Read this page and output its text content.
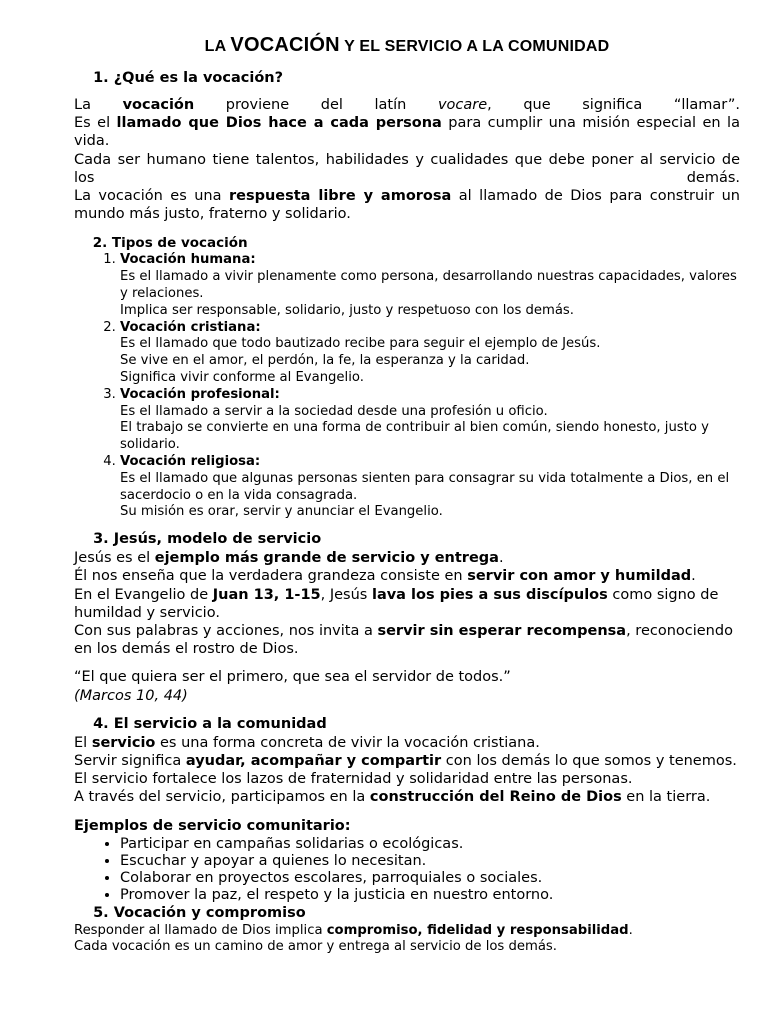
LA VOCACIÓN Y EL SERVICIO A LA COMUNIDAD
1. ¿Qué es la vocación?

La vocación proviene del latín vocare, que significa “llamar”.

Es el llamado que Dios hace a cada persona para cumplir una misión especial en la vida.

Cada ser humano tiene talentos, habilidades y cualidades que debe poner al servicio de los demás.

La vocación es una respuesta libre y amorosa al llamado de Dios para construir un mundo más justo, fraterno y solidario.

2. Tipos de vocación
1. Vocación humana:
Es el llamado a vivir plenamente como persona, desarrollando nuestras capacidades, valores y relaciones.
Implica ser responsable, solidario, justo y respetuoso con los demás.
2. Vocación cristiana:
Es el llamado que todo bautizado recibe para seguir el ejemplo de Jesús.
Se vive en el amor, el perdón, la fe, la esperanza y la caridad.
Significa vivir conforme al Evangelio.
3. Vocación profesional:
Es el llamado a servir a la sociedad desde una profesión u oficio.
El trabajo se convierte en una forma de contribuir al bien común, siendo honesto, justo y solidario.
4. Vocación religiosa:
Es el llamado que algunas personas sienten para consagrar su vida totalmente a Dios, en el sacerdocio o en la vida consagrada.
Su misión es orar, servir y anunciar el Evangelio.
3. Jesús, modelo de servicio

Jesús es el ejemplo más grande de servicio y entrega.

Él nos enseña que la verdadera grandeza consiste en servir con amor y humildad.

En el Evangelio de Juan 13, 1-15, Jesús lava los pies a sus discípulos como signo de humildad y servicio.

Con sus palabras y acciones, nos invita a servir sin esperar recompensa, reconociendo en los demás el rostro de Dios.

“El que quiera ser el primero, que sea el servidor de todos.”

(Marcos 10, 44)

4. El servicio a la comunidad

El servicio es una forma concreta de vivir la vocación cristiana.

Servir significa ayudar, acompañar y compartir con los demás lo que somos y tenemos.

El servicio fortalece los lazos de fraternidad y solidaridad entre las personas.

A través del servicio, participamos en la construcción del Reino de Dios en la tierra.

Ejemplos de servicio comunitario:
• Participar en campañas solidarias o ecológicas.
• Escuchar y apoyar a quienes lo necesitan.
• Colaborar en proyectos escolares, parroquiales o sociales.
• Promover la paz, el respeto y la justicia en nuestro entorno.
5. Vocación y compromiso

Responder al llamado de Dios implica compromiso, fidelidad y responsabilidad.

Cada vocación es un camino de amor y entrega al servicio de los demás.
